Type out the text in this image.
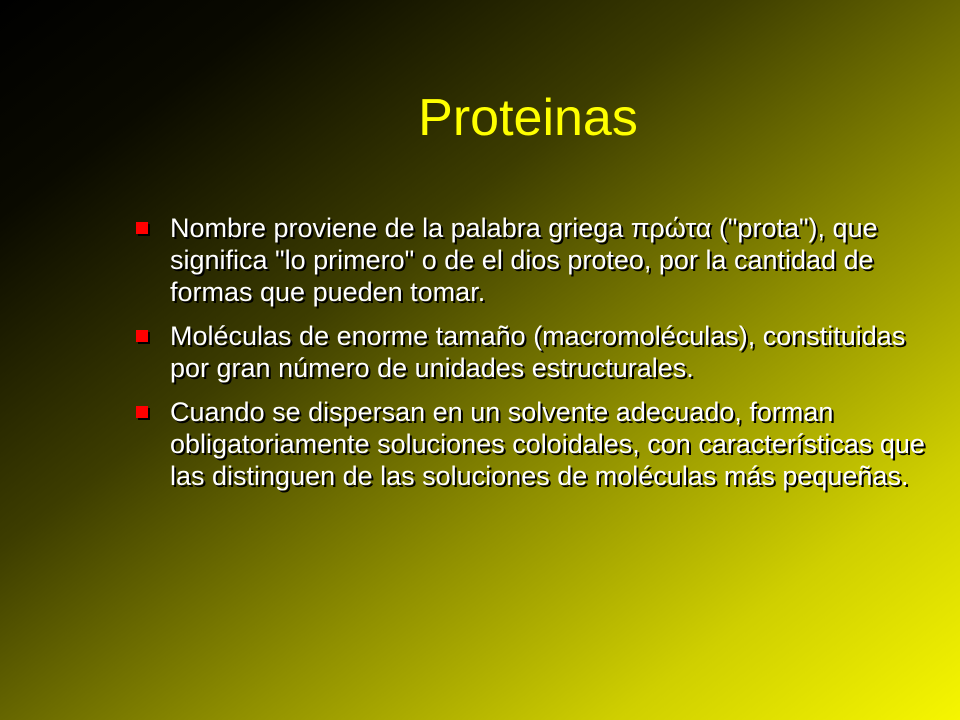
Proteinas
Nombre proviene de la palabra griega πρώτα ("prota"), que significa "lo primero" o de el dios proteo, por la cantidad de formas que pueden tomar.
Moléculas de enorme tamaño (macromoléculas), constituidas por gran número de unidades estructurales.
Cuando se dispersan en un solvente adecuado, forman obligatoriamente soluciones coloidales, con características que las distinguen de las soluciones de moléculas más pequeñas.
